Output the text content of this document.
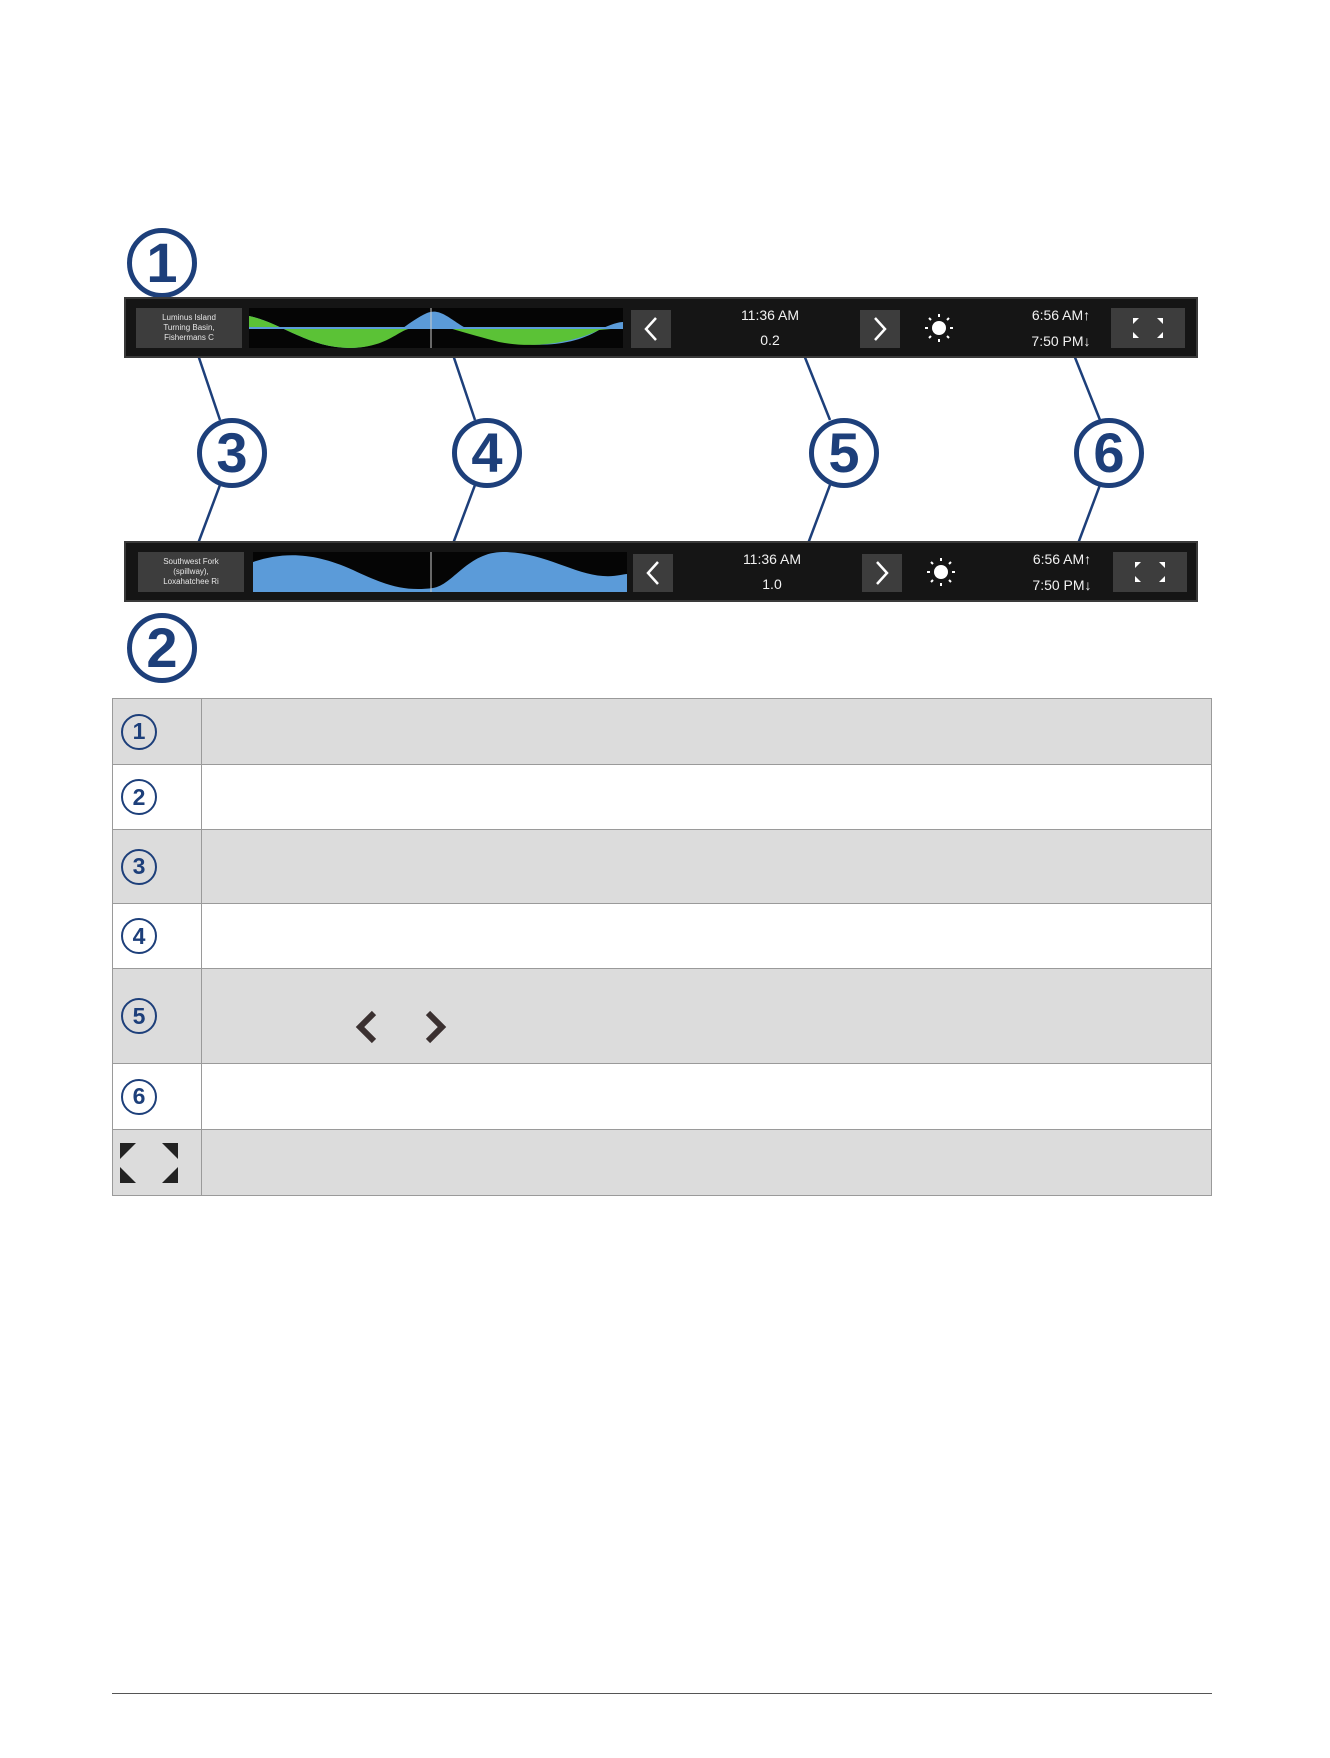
1
2
3	4	5	6
Luminus Island
Turning Basin,
Fishermans C
11:36 AM
0.2
6:56 AM↑
7:50 PM↓
Southwest Fork
(spillway),
Loxahatchee Ri
11:36 AM
1.0
6:56 AM↑
7:50 PM↓
1	

2	

3	

4	

5

6	
